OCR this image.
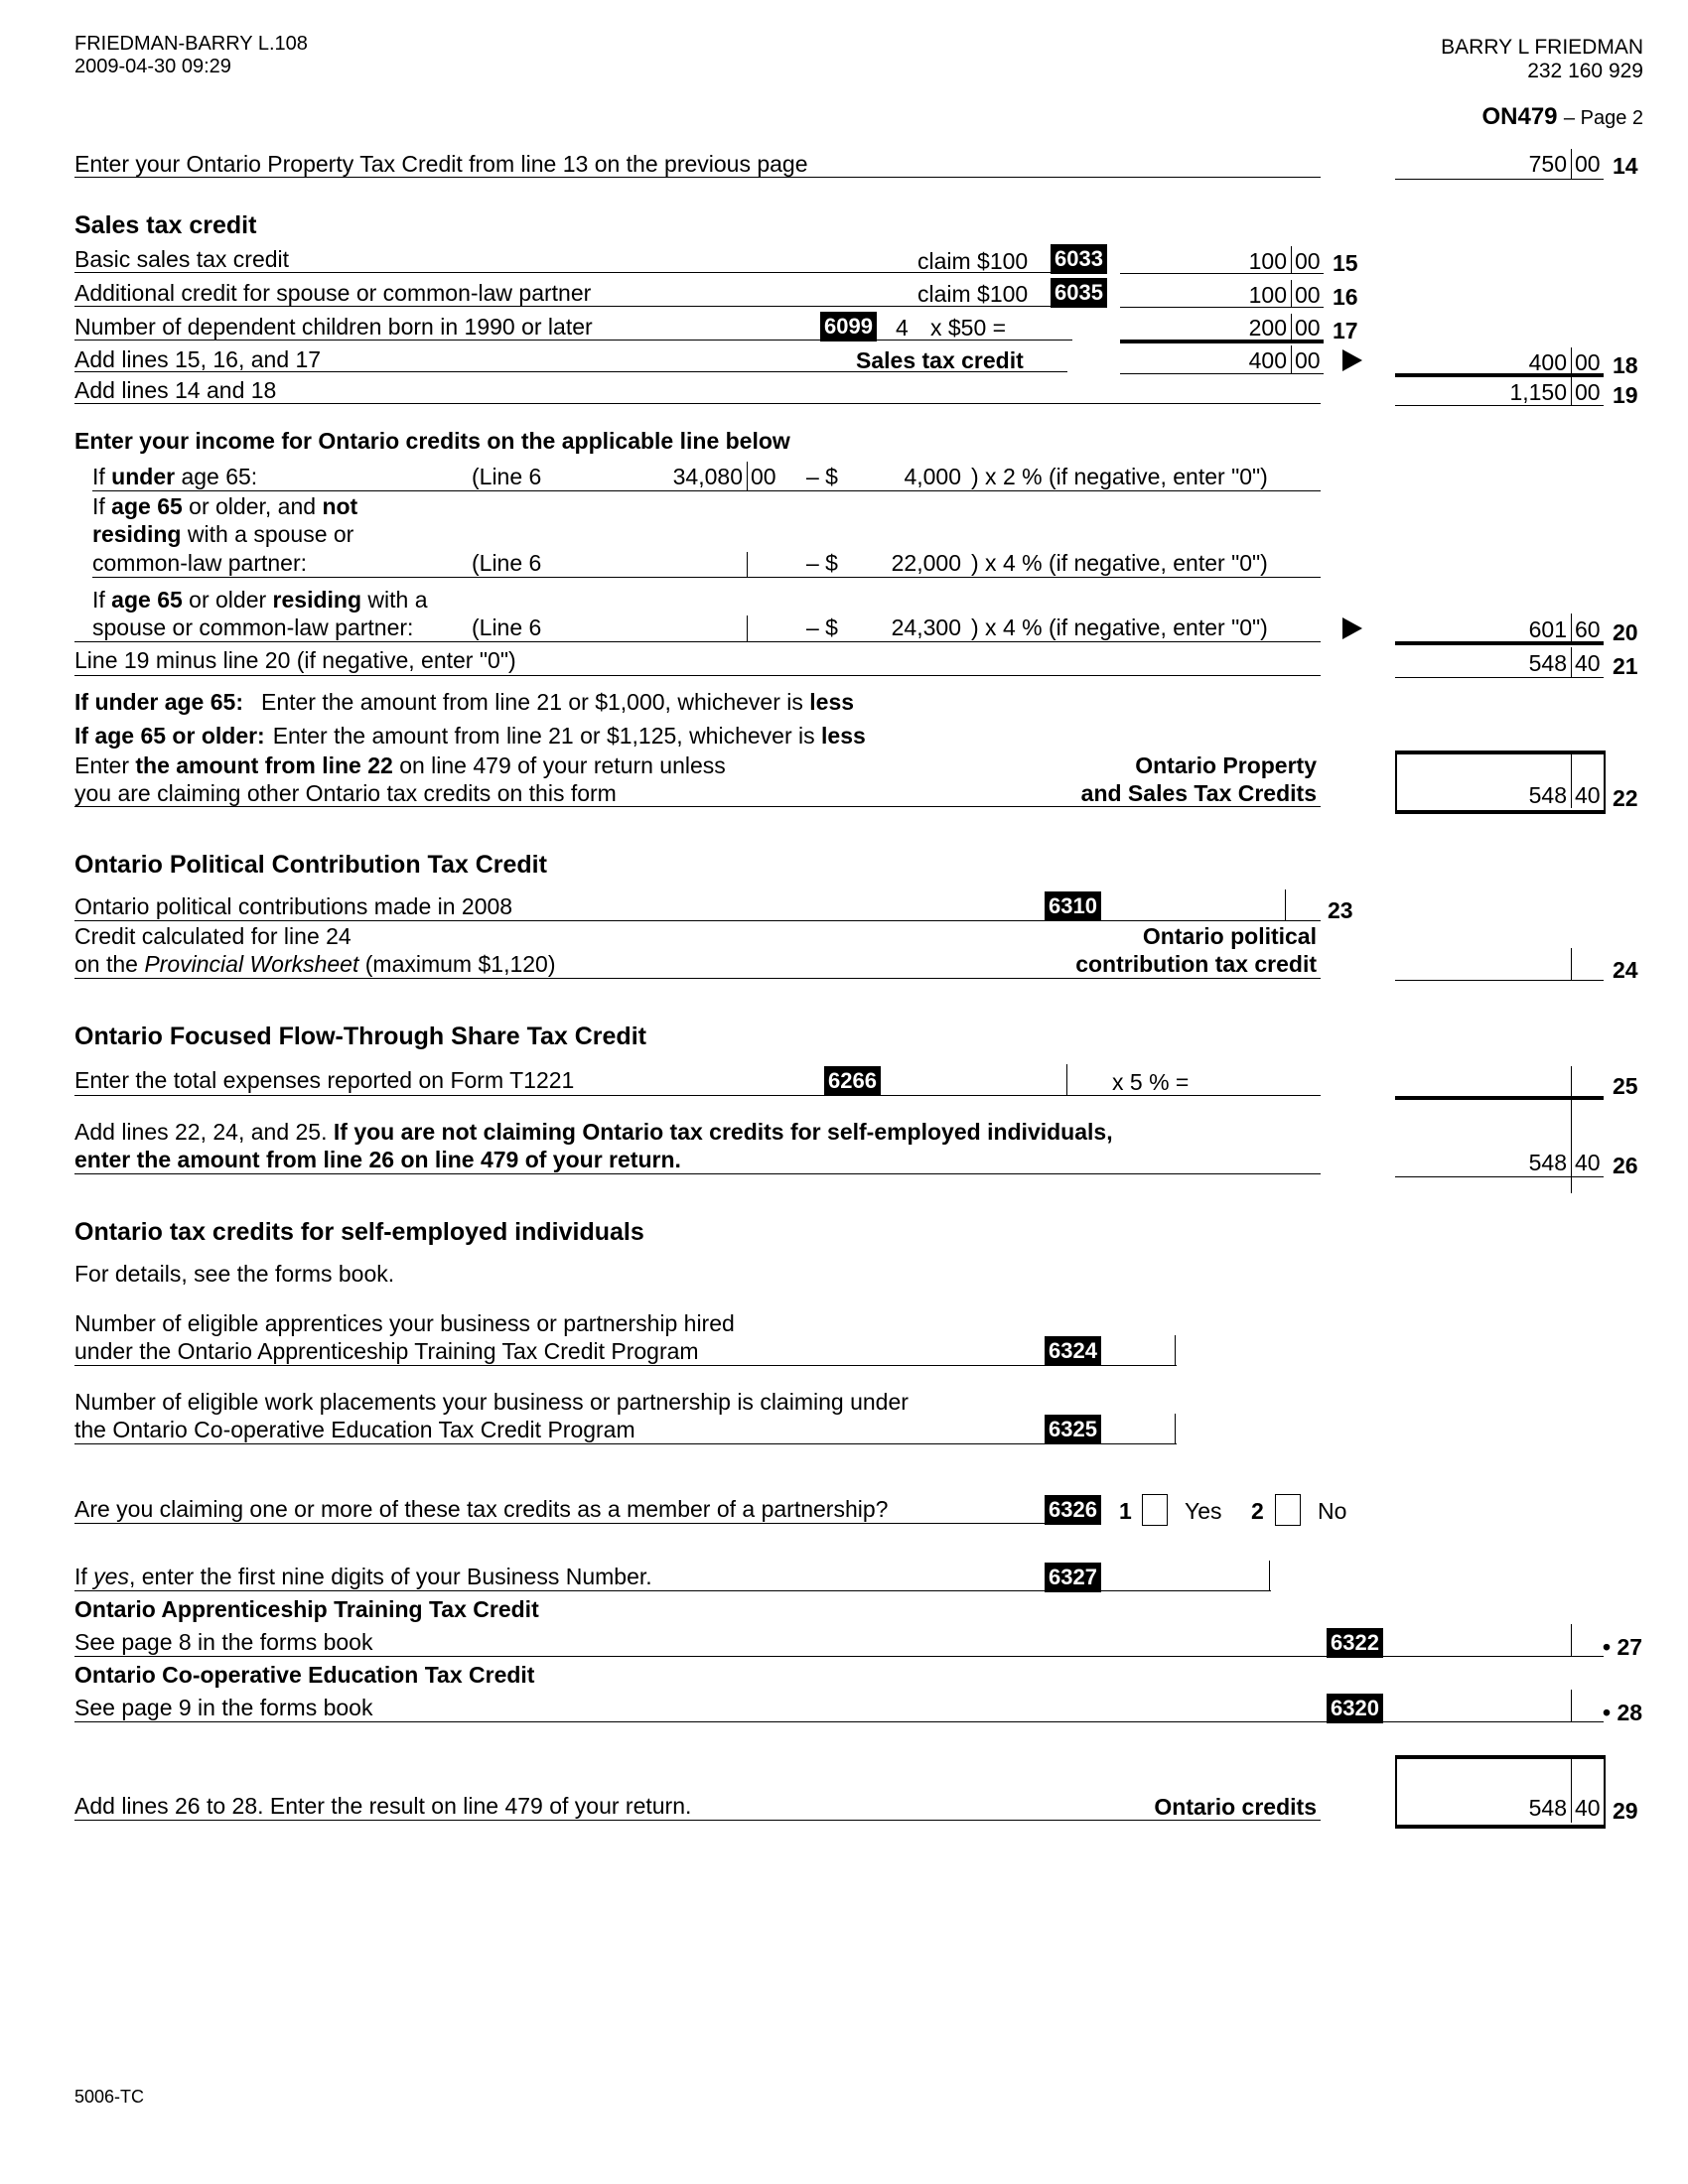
FRIEDMAN-BARRY L.108
2009-04-30 09:29
BARRY L FRIEDMAN
232 160 929
ON479 – Page 2
Enter your Ontario Property Tax Credit from line 13 on the previous page	750 00 14
Sales tax credit
Basic sales tax credit	claim $100 6033	100 00 15
Additional credit for spouse or common-law partner	claim $100 6035	100 00 16
Number of dependent children born in 1990 or later	6099 4 x $50 =	200 00 17
Add lines 15, 16, and 17	Sales tax credit	400 00	400 00 18
Add lines 14 and 18	1,150 00 19
Enter your income for Ontario credits on the applicable line below
If under age 65:	(Line 6	34,080 00 – $	4,000 ) x 2 % (if negative, enter "0")
If age 65 or older, and not
residing with a spouse or
common-law partner:	(Line 6	– $	22,000 ) x 4 % (if negative, enter "0")
If age 65 or older residing with a
spouse or common-law partner:	(Line 6	– $	24,300 ) x 4 % (if negative, enter "0")	601 60 20
Line 19 minus line 20 (if negative, enter "0")	548 40 21
If under age 65: Enter the amount from line 21 or $1,000, whichever is less
If age 65 or older: Enter the amount from line 21 or $1,125, whichever is less
Enter the amount from line 22 on line 479 of your return unless
you are claiming other Ontario tax credits on this form
Ontario Property
and Sales Tax Credits	548 40 22
Ontario Political Contribution Tax Credit
Ontario political contributions made in 2008	6310	23
Credit calculated for line 24
on the Provincial Worksheet (maximum $1,120)
Ontario political
contribution tax credit	24
Ontario Focused Flow-Through Share Tax Credit
Enter the total expenses reported on Form T1221	6266	x 5 % =	25
Add lines 22, 24, and 25. If you are not claiming Ontario tax credits for self-employed individuals,
enter the amount from line 26 on line 479 of your return.	548 40 26
Ontario tax credits for self-employed individuals
For details, see the forms book.
Number of eligible apprentices your business or partnership hired
under the Ontario Apprenticeship Training Tax Credit Program	6324
Number of eligible work placements your business or partnership is claiming under
the Ontario Co-operative Education Tax Credit Program	6325
Are you claiming one or more of these tax credits as a member of a partnership?	6326 1 Yes 2 No
If yes, enter the first nine digits of your Business Number.	6327
Ontario Apprenticeship Training Tax Credit
See page 8 in the forms book	6322	• 27
Ontario Co-operative Education Tax Credit
See page 9 in the forms book	6320	• 28
Add lines 26 to 28. Enter the result on line 479 of your return.	Ontario credits	548 40 29
5006-TC
